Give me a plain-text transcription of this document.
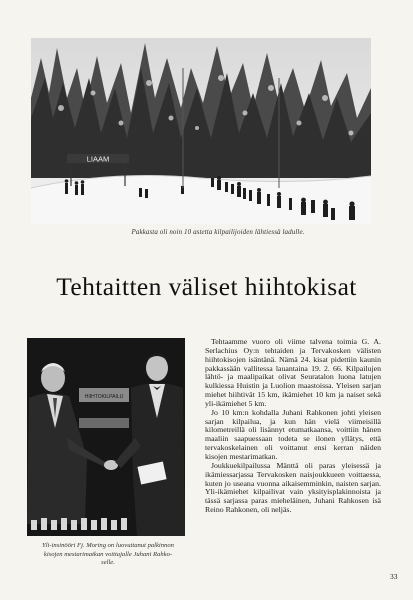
LIAAM
Pakkasta oli noin 10 astetta kilpailijoiden lähtiessä ladulle.
Tehtaitten väliset hiihtokisat
HIIHTOKILPAILU
Yli-insinööri Fj. Moring on luovuttanut palkinnon
kisojen mestarimatkan voittajalle Juhani Rahko-
selle.

Tehtaamme vuoro oli viime talvena toimia G. A. Serlachius Oy:n tehtaiden ja Tervakosken välisten hiihtokisojen isäntänä. Nämä 24. kisat pidettiin kaunin pakkassään vallitessa lauantaina 19. 2. 66. Kilpailujen lähtö- ja maalipaikat olivat Seuratalon luona latujen kulkiessa Huistin ja Luolion maastoissa. Yleisen sarjan miehet hiihtivät 15 km, ikämiehet 10 km ja naiset sekä yli-ikämiehet 5 km.

Jo 10 km:n kohdalla Juhani Rahkonen johti yleisen sarjan kilpailua, ja kun hän vielä viimeisillä kilometreillä oli lisännyt etumatkaansa, voittiin hänen maaliin saapuessaan todeta se ilonen yllätys, että tervakoskelainen oli voittanut ensi kerran näiden kisojen mestarimatkan.

Joukkuekilpailussa Mänttä oli paras yleisessä ja ikämiessarjassa Tervakosken naisjoukkueen voittaessa, kuten jo useana vuonna aikaisemminkin, naisten sarjan. Yli-ikämiehet kilpailivat vain yksityisplakinnoista ja tässä sarjassa paras mieheläinen, Juhani Rahkosen isä Reino Rahkonen, oli neljäs.

33
